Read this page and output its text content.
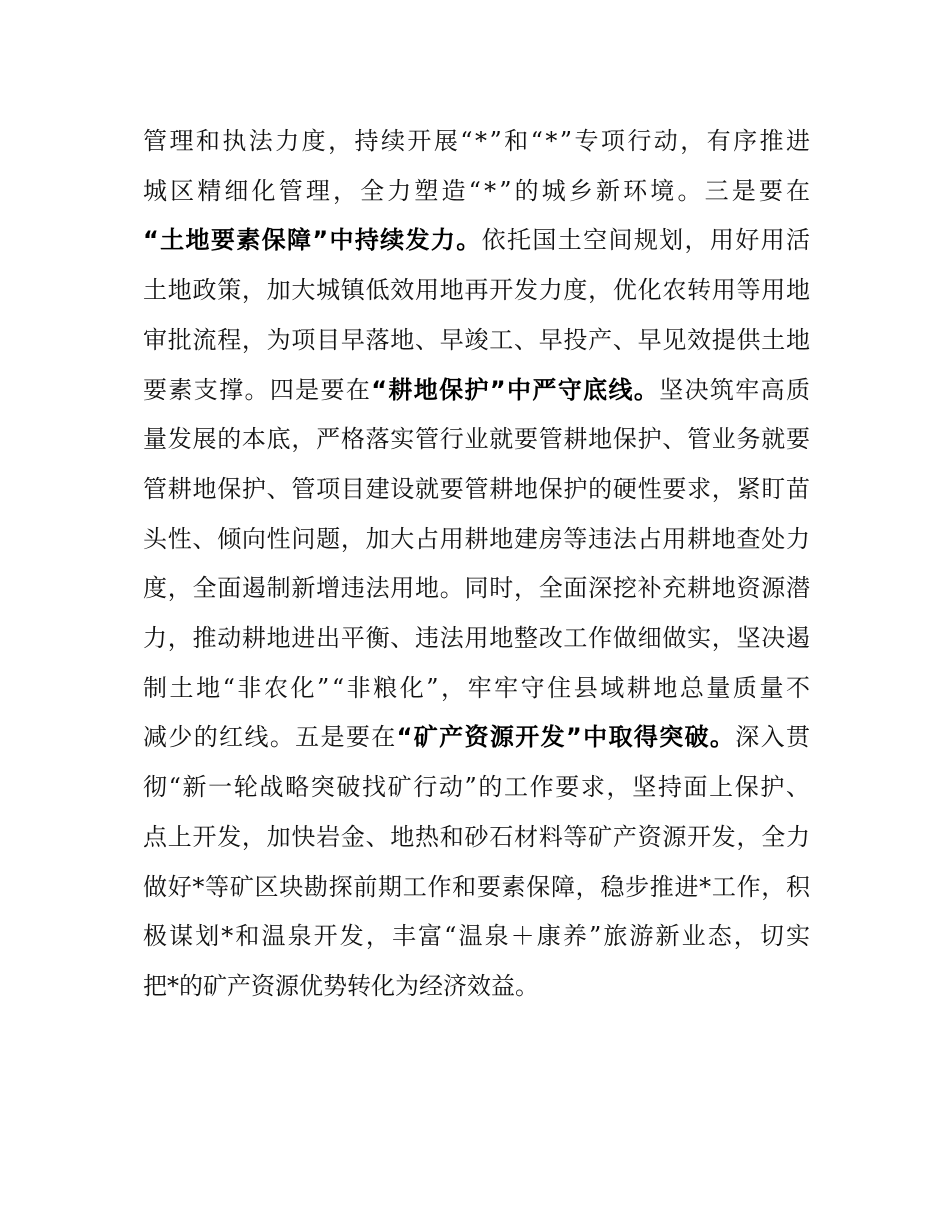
管理和执法力度，持续开展“*”和“*”专项行动，有序推进
城区精细化管理，全力塑造“*”的城乡新环境。三是要在
“土地要素保障”中持续发力。依托国土空间规划，用好用活
土地政策，加大城镇低效用地再开发力度，优化农转用等用地
审批流程，为项目早落地、早竣工、早投产、早见效提供土地
要素支撑。四是要在“耕地保护”中严守底线。坚决筑牢高质
量发展的本底，严格落实管行业就要管耕地保护、管业务就要
管耕地保护、管项目建设就要管耕地保护的硬性要求，紧盯苗
头性、倾向性问题，加大占用耕地建房等违法占用耕地查处力
度，全面遏制新增违法用地。同时，全面深挖补充耕地资源潜
力，推动耕地进出平衡、违法用地整改工作做细做实，坚决遏
制土地“非农化”“非粮化”，牢牢守住县域耕地总量质量不
减少的红线。五是要在“矿产资源开发”中取得突破。深入贯
彻“新一轮战略突破找矿行动”的工作要求，坚持面上保护、
点上开发，加快岩金、地热和砂石材料等矿产资源开发，全力
做好*等矿区块勘探前期工作和要素保障，稳步推进*工作，积
极谋划*和温泉开发，丰富“温泉＋康养”旅游新业态，切实
把*的矿产资源优势转化为经济效益。
